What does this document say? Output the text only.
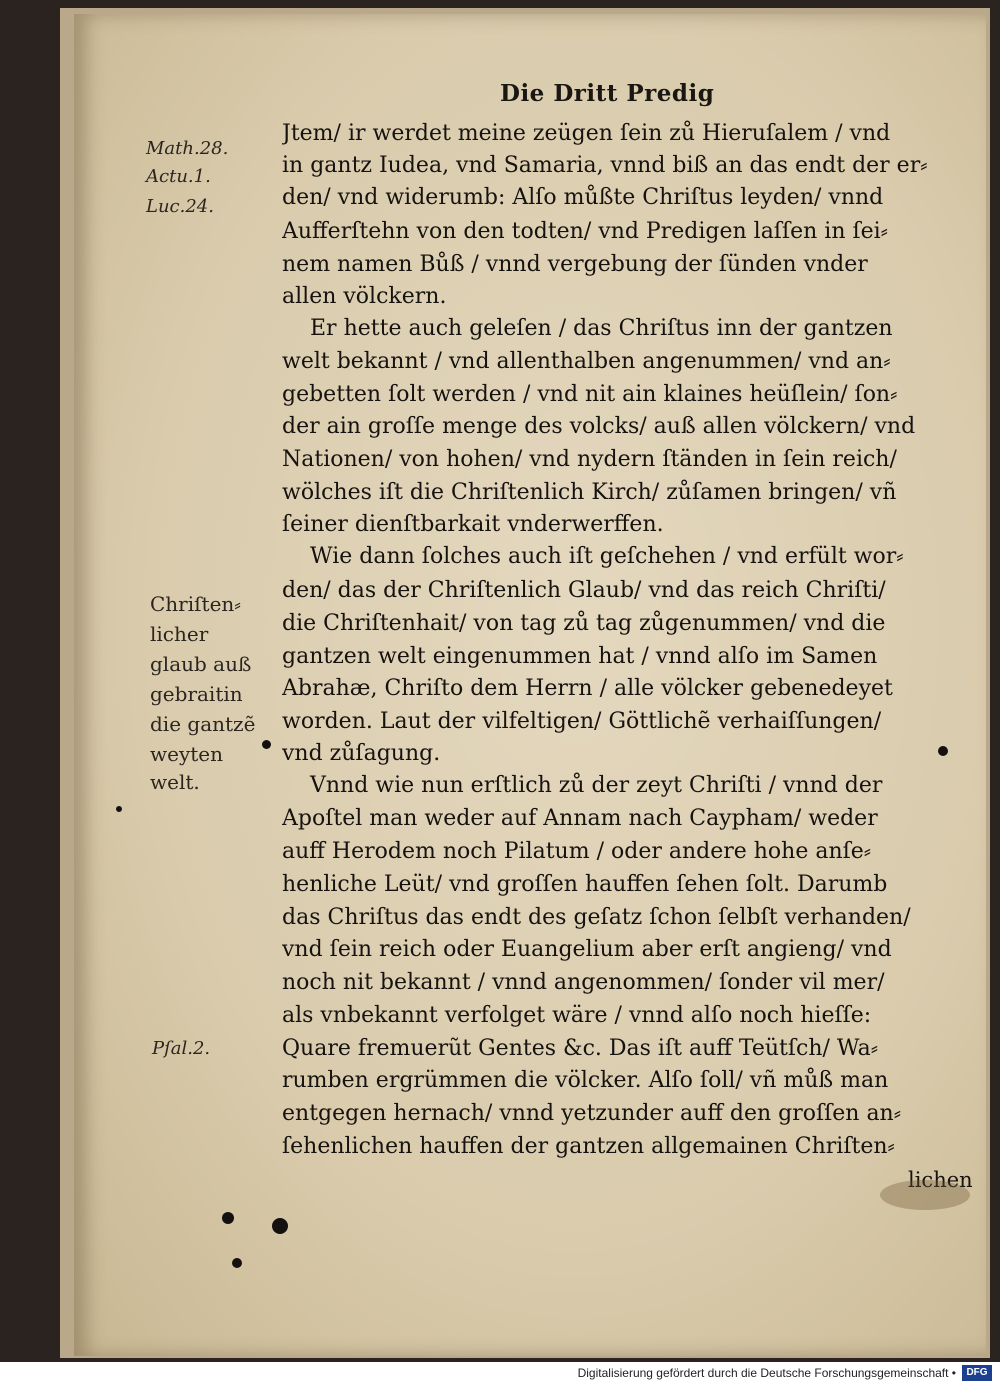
Die Dritt Predig
Math.28.
Actu.1.
Luc.24.
Chriſten⸗
licher
glaub auß
gebraitin
die gantzẽ
weyten
welt.
Pſal.2.
Jtem/ ir werdet meine zeügen ſein zů Hieruſalem / vnd
in gantz Iudea, vnd Samaria, vnnd biß an das endt der er⸗
den/ vnd widerumb: Alſo můßte Chriſtus leyden/ vnnd
Aufferſtehn von den todten/ vnd Predigen laſſen in ſei⸗
nem namen Bůß / vnnd vergebung der ſünden vnder
allen völckern.
Er hette auch geleſen / das Chriſtus inn der gantzen
welt bekannt / vnd allenthalben angenummen/ vnd an⸗
gebetten ſolt werden / vnd nit ain klaines heüſlein/ ſon⸗
der ain groſſe menge des volcks/ auß allen völckern/ vnd
Nationen/ von hohen/ vnd nydern ſtänden in ſein reich/
wölches iſt die Chriſtenlich Kirch/ zůſamen bringen/ vñ
ſeiner dienſtbarkait vnderwerffen.
Wie dann ſolches auch iſt geſchehen / vnd erfült wor⸗
den/ das der Chriſtenlich Glaub/ vnd das reich Chriſti/
die Chriſtenhait/ von tag zů tag zůgenummen/ vnd die
gantzen welt eingenummen hat / vnnd alſo im Samen
Abrahæ, Chriſto dem Herrn / alle völcker gebenedeyet
worden. Laut der vilfeltigen/ Göttlichẽ verhaiſſungen/
vnd zůſagung.
Vnnd wie nun erſtlich zů der zeyt Chriſti / vnnd der
Apoſtel man weder auf Annam nach Caypham/ weder
auff Herodem noch Pilatum / oder andere hohe anſe⸗
henliche Leüt/ vnd groſſen hauffen ſehen ſolt. Darumb
das Chriſtus das endt des geſatz ſchon ſelbſt verhanden/
vnd ſein reich oder Euangelium aber erſt angieng/ vnd
noch nit bekannt / vnnd angenommen/ ſonder vil mer/
als vnbekannt verfolget wäre / vnnd alſo noch hieſſe:
Quare fremuerũt Gentes &c. Das iſt auff Teütſch/ Wa⸗
rumben ergrümmen die völcker. Alſo ſoll/ vñ můß man
entgegen hernach/ vnnd yetzunder auff den groſſen an⸗
ſehenlichen hauffen der gantzen allgemainen Chriſten⸗
lichen
Digitalisierung gefördert durch die Deutsche Forschungsgemeinschaft •	DFG
